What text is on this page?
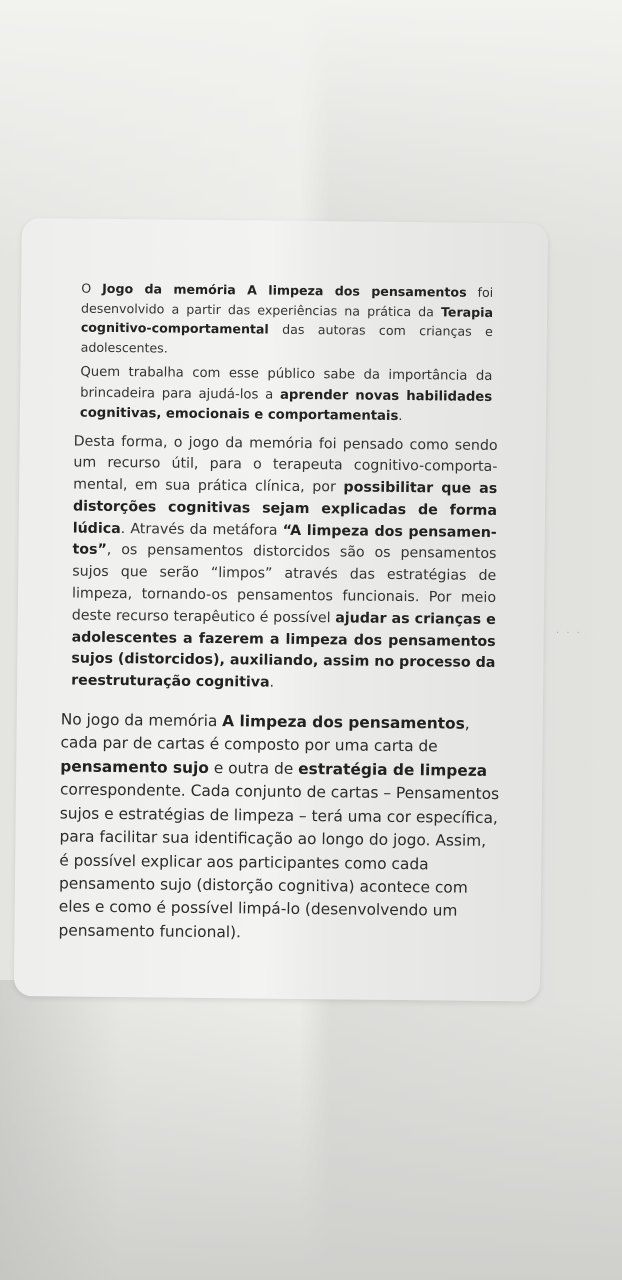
O Jogo da memória A limpeza dos pensamentos foi desenvolvido a partir das experiências na prática da Terapia cognitivo-comportamental das autoras com crianças e adolescentes.

Quem trabalha com esse público sabe da importância da brincadeira para ajudá-los a aprender novas habilidades cognitivas, emocionais e comportamentais.

Desta forma, o jogo da memória foi pensado como sendo um recurso útil, para o terapeuta cognitivo-comportamental, em sua prática clínica, por possibilitar que as distorções cognitivas sejam explicadas de forma lúdica. Através da metáfora “A limpeza dos pensamentos”, os pensamentos distorcidos são os pensamentos sujos que serão “limpos” através das estratégias de limpeza, tornando-os pensamentos funcionais. Por meio deste recurso terapêutico é possível ajudar as crianças e adolescentes a fazerem a limpeza dos pensamentos sujos (distorcidos), auxiliando, assim no processo da reestruturação cognitiva.

No jogo da memória A limpeza dos pensamentos, cada par de cartas é composto por uma carta de pensamento sujo e outra de estratégia de limpeza correspondente. Cada conjunto de cartas – Pensamentos sujos e estratégias de limpeza – terá uma cor específica, para facilitar sua identificação ao longo do jogo. Assim, é possível explicar aos participantes como cada pensamento sujo (distorção cognitiva) acontece com eles e como é possível limpá-lo (desenvolvendo um pensamento funcional).

· · ·
